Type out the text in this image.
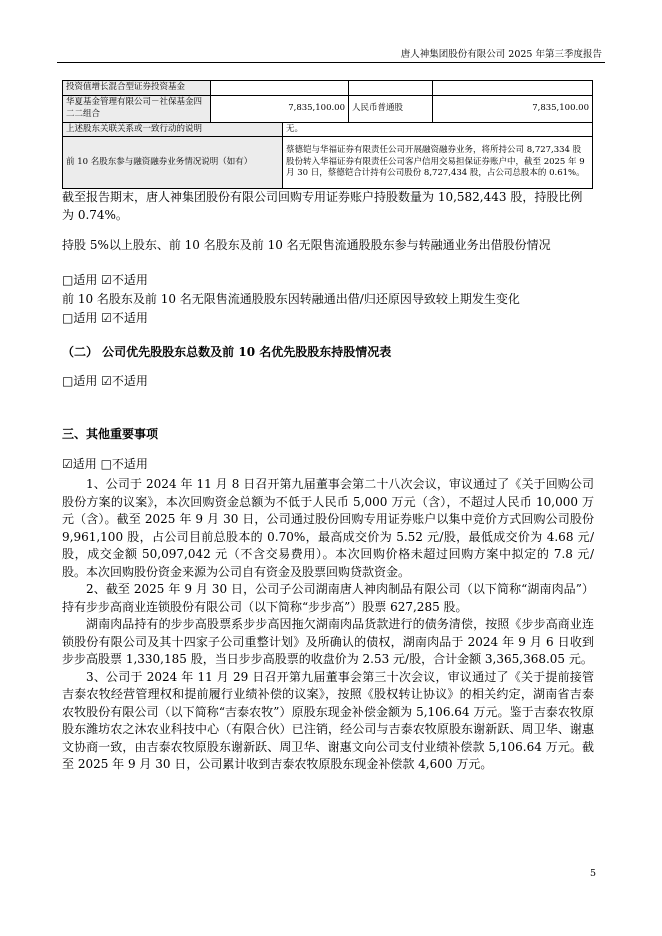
唐人神集团股份有限公司 2025 年第三季度报告
投资值增长混合型证券投资基金				
华夏基金管理有限公司－社保基金四二二组合	7,835,100.00		人民币普通股	7,835,100.00
上述股东关联关系或一致行动的说明		无。		
前 10 名股东参与融资融券业务情况说明（如有）		蔡德铠与华福证券有限责任公司开展融资融券业务，将所持公司 8,727,334 股股份转入华福证券有限责任公司客户信用交易担保证券账户中，截至 2025 年 9 月 30 日，蔡德铠合计持有公司股份 8,727,434 股，占公司总股本的 0.61%。		

截至报告期末，唐人神集团股份有限公司回购专用证券账户持股数量为 10,582,443 股，持股比例为 0.74%。

持股 5%以上股东、前 10 名股东及前 10 名无限售流通股股东参与转融通业务出借股份情况
□适用 ☑不适用
前 10 名股东及前 10 名无限售流通股股东因转融通出借/归还原因导致较上期发生变化
□适用 ☑不适用
（二） 公司优先股股东总数及前 10 名优先股股东持股情况表
□适用 ☑不适用
三、其他重要事项
☑适用 □不适用

1、公司于 2024 年 11 月 8 日召开第九届董事会第二十八次会议，审议通过了《关于回购公司股份方案的议案》，本次回购资金总额为不低于人民币 5,000 万元（含），不超过人民币 10,000 万元（含）。截至 2025 年 9 月 30 日，公司通过股份回购专用证券账户以集中竞价方式回购公司股份 9,961,100 股，占公司目前总股本的 0.70%，最高成交价为 5.52 元/股，最低成交价为 4.68 元/股，成交金额 50,097,042 元（不含交易费用）。本次回购价格未超过回购方案中拟定的 7.8 元/股。本次回购股份资金来源为公司自有资金及股票回购贷款资金。

2、截至 2025 年 9 月 30 日，公司子公司湖南唐人神肉制品有限公司（以下简称“湖南肉品”）持有步步高商业连锁股份有限公司（以下简称“步步高”）股票 627,285 股。

湖南肉品持有的步步高股票系步步高因拖欠湖南肉品货款进行的债务清偿，按照《步步高商业连锁股份有限公司及其十四家子公司重整计划》及所确认的债权，湖南肉品于 2024 年 9 月 6 日收到步步高股票 1,330,185 股，当日步步高股票的收盘价为 2.53 元/股，合计金额 3,365,368.05 元。

3、公司于 2024 年 11 月 29 日召开第九届董事会第三十次会议，审议通过了《关于提前接管吉泰农牧经营管理权和提前履行业绩补偿的议案》，按照《股权转让协议》的相关约定，湖南省吉泰农牧股份有限公司（以下简称“吉泰农牧”）原股东现金补偿金额为 5,106.64 万元。鉴于吉泰农牧原股东潍坊农之沐农业科技中心（有限合伙）已注销，经公司与吉泰农牧原股东谢新跃、周卫华、谢惠文协商一致，由吉泰农牧原股东谢新跃、周卫华、谢惠文向公司支付业绩补偿款 5,106.64 万元。截至 2025 年 9 月 30 日，公司累计收到吉泰农牧原股东现金补偿款 4,600 万元。

5
